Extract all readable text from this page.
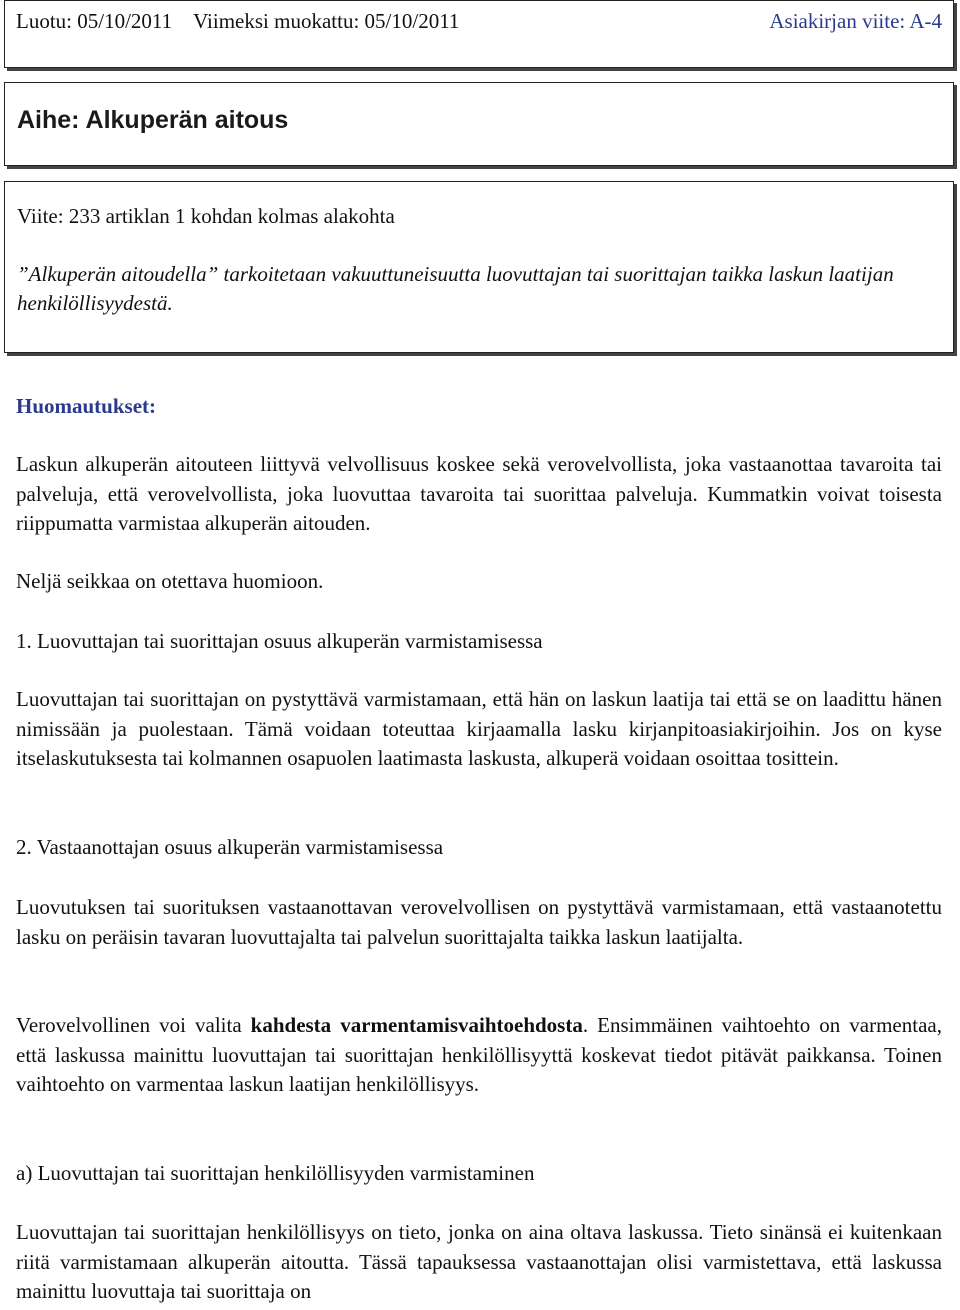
Luotu: 05/10/2011 Viimeksi muokattu: 05/10/2011	Asiakirjan viite: A-4
Aihe: Alkuperän aitous
Viite: 233 artiklan 1 kohdan kolmas alakohta
”Alkuperän aitoudella” tarkoitetaan vakuuttuneisuutta luovuttajan tai suorittajan taikka laskun laatijan henkilöllisyydestä.

Huomautukset:

Laskun alkuperän aitouteen liittyvä velvollisuus koskee sekä verovelvollista, joka vastaanottaa tavaroita tai palveluja, että verovelvollista, joka luovuttaa tavaroita tai suorittaa palveluja. Kummatkin voivat toisesta riippumatta varmistaa alkuperän aitouden.

Neljä seikkaa on otettava huomioon.

1. Luovuttajan tai suorittajan osuus alkuperän varmistamisessa

Luovuttajan tai suorittajan on pystyttävä varmistamaan, että hän on laskun laatija tai että se on laadittu hänen nimissään ja puolestaan. Tämä voidaan toteuttaa kirjaamalla lasku kirjanpitoasiakirjoihin. Jos on kyse itselaskutuksesta tai kolmannen osapuolen laatimasta laskusta, alkuperä voidaan osoittaa tosittein.

2. Vastaanottajan osuus alkuperän varmistamisessa

Luovutuksen tai suorituksen vastaanottavan verovelvollisen on pystyttävä varmistamaan, että vastaanotettu lasku on peräisin tavaran luovuttajalta tai palvelun suorittajalta taikka laskun laatijalta.

Verovelvollinen voi valita kahdesta varmentamisvaihtoehdosta. Ensimmäinen vaihtoehto on varmentaa, että laskussa mainittu luovuttajan tai suorittajan henkilöllisyyttä koskevat tiedot pitävät paikkansa. Toinen vaihtoehto on varmentaa laskun laatijan henkilöllisyys.

a) Luovuttajan tai suorittajan henkilöllisyyden varmistaminen

Luovuttajan tai suorittajan henkilöllisyys on tieto, jonka on aina oltava laskussa. Tieto sinänsä ei kuitenkaan riitä varmistamaan alkuperän aitoutta. Tässä tapauksessa vastaanottajan olisi varmistettava, että laskussa mainittu luovuttaja tai suorittaja on
